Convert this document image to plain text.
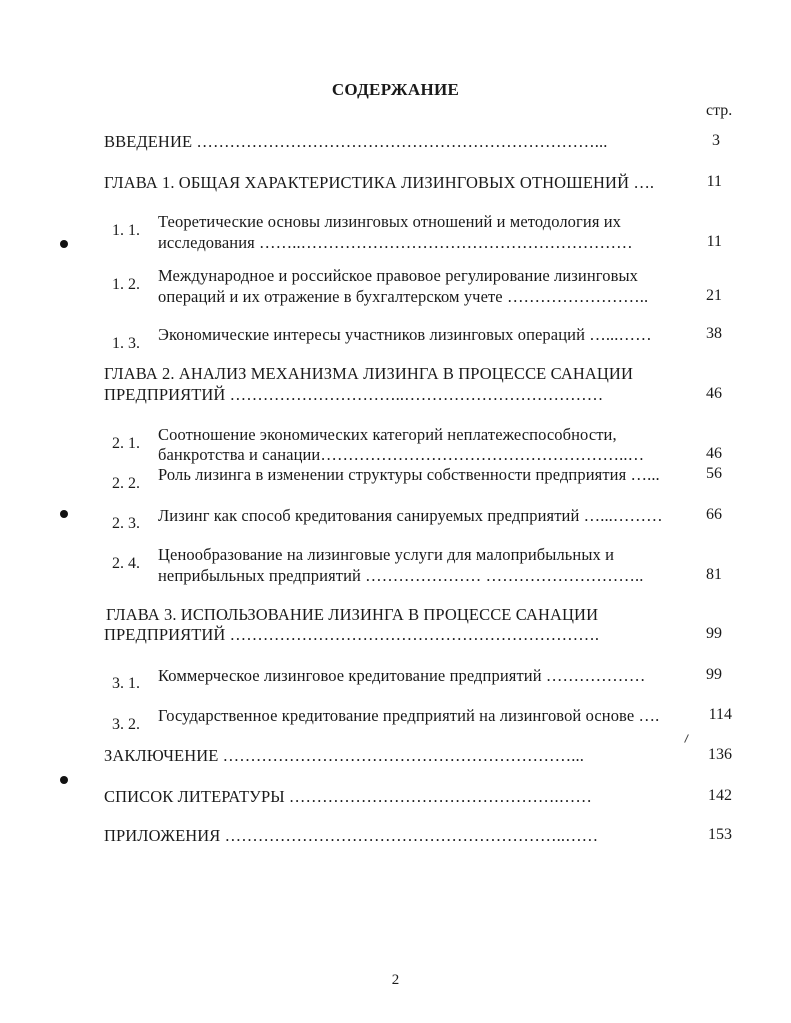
СОДЕРЖАНИЕ
стр.
ВВЕДЕНИЕ ………………………………………………………………...	3
ГЛАВА 1. ОБЩАЯ ХАРАКТЕРИСТИКА ЛИЗИНГОВЫХ ОТНОШЕНИЙ ….	11
1. 1. Теоретические основы лизинговых отношений и методология их
исследования ……..……………………………………………………	11
1. 2. Международное и российское правовое регулирование лизинговых
операций и их отражение в бухгалтерском учете ……………………..	21
1. 3. Экономические интересы участников лизинговых операций …...……	38
ГЛАВА 2. АНАЛИЗ МЕХАНИЗМА ЛИЗИНГА В ПРОЦЕССЕ САНАЦИИ
ПРЕДПРИЯТИЙ …………………………..………………………………	46
2. 1. Соотношение экономических категорий неплатежеспособности,
банкротства и санации………………………………………………..…	46
2. 2. Роль лизинга в изменении структуры собственности предприятия …...	56
2. 3. Лизинг как способ кредитования санируемых предприятий …...………	66
2. 4. Ценообразование на лизинговые услуги для малоприбыльных и
неприбыльных предприятий ………………… ………………………..	81
ГЛАВА 3. ИСПОЛЬЗОВАНИЕ ЛИЗИНГА В ПРОЦЕССЕ САНАЦИИ
ПРЕДПРИЯТИЙ ………………………………………………………….	99
3. 1. Коммерческое лизинговое кредитование предприятий ………………	99
3. 2. Государственное кредитование предприятий на лизинговой основе ….	114
ЗАКЛЮЧЕНИЕ ………………………………………………………...	136
СПИСОК ЛИТЕРАТУРЫ ………………………………………….……	142
ПРИЛОЖЕНИЯ ……………………………………………………..……	153
2
